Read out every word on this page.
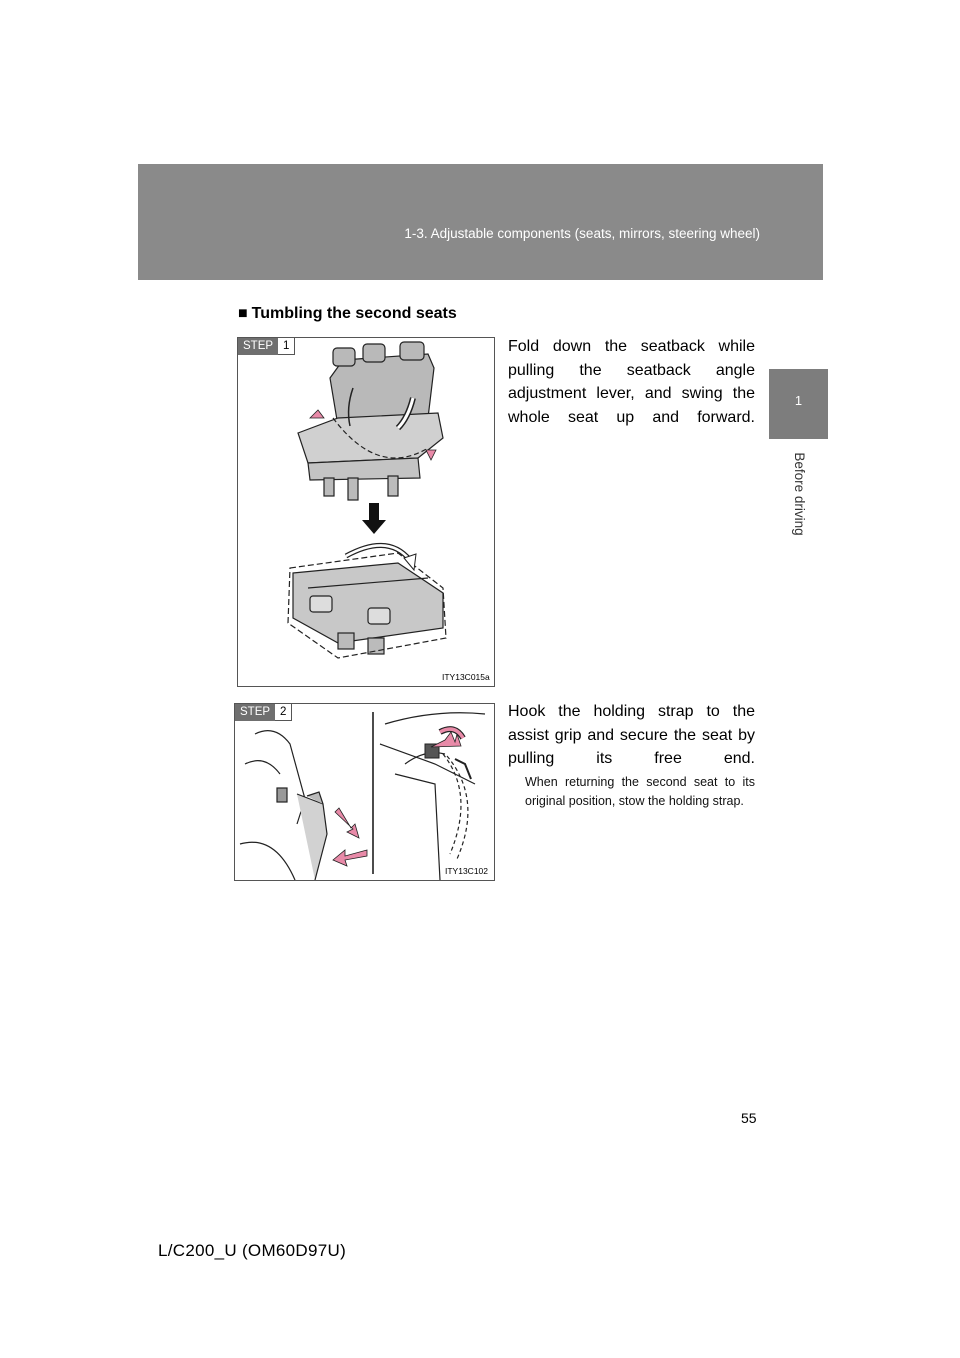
1-3. Adjustable components (seats, mirrors, steering wheel)
1
Before driving
■ Tumbling the second seats
STEP 1
ITY13C015a
Fold down the seatback while pulling the seatback angle adjustment lever, and swing the whole seat up and forward.
STEP 2
ITY13C102
Hook the holding strap to the assist grip and secure the seat by pulling its free end.
When returning the second seat to its original position, stow the holding strap.
55
L/C200_U (OM60D97U)
